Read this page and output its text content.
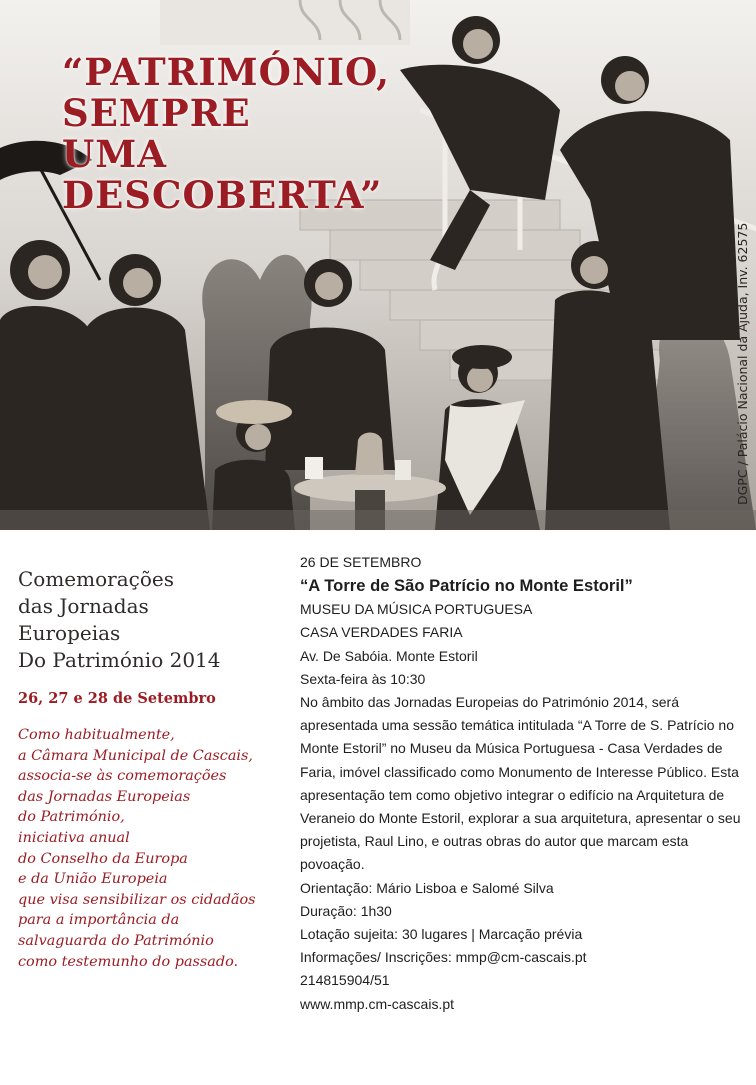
“PATRIMÓNIO,
SEMPRE
UMA
DESCOBERTA”

DGPC / Palácio Nacional da Ajuda, Inv. 62575
Comemorações
das Jornadas
Europeias
Do Património 2014

26, 27 e 28 de Setembro

Como habitualmente,
a Câmara Municipal de Cascais,
associa-se às comemorações
das Jornadas Europeias
do Património,
iniciativa anual
do Conselho da Europa
e da União Europeia
que visa sensibilizar os cidadãos
para a importância da
salvaguarda do Património
como testemunho do passado.

26 DE SETEMBRO

“A Torre de São Patrício no Monte Estoril”

MUSEU DA MÚSICA PORTUGUESA

CASA VERDADES FARIA

Av. De Sabóia. Monte Estoril

Sexta-feira às 10:30

No âmbito das Jornadas Europeias do Património 2014, será apresentada uma sessão temática intitulada “A Torre de S. Patrício no Monte Estoril” no Museu da Música Portuguesa - Casa Verdades de Faria, imóvel classificado como Monumento de Interesse Público. Esta apresentação tem como objetivo integrar o edifício na Arquitetura de Veraneio do Monte Estoril, explorar a sua arquitetura, apresentar o seu projetista, Raul Lino, e outras obras do autor que marcam esta povoação.

Orientação: Mário Lisboa e Salomé Silva

Duração: 1h30

Lotação sujeita: 30 lugares | Marcação prévia

Informações/ Inscrições: mmp@cm-cascais.pt

214815904/51

www.mmp.cm-cascais.pt
